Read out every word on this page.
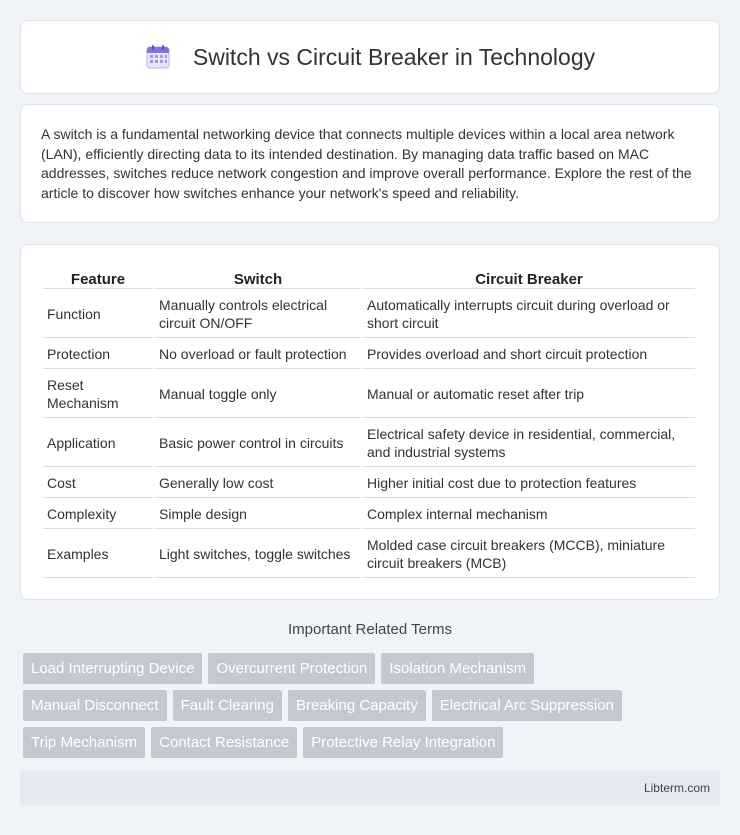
Switch vs Circuit Breaker in Technology

A switch is a fundamental networking device that connects multiple devices within a local area network (LAN), efficiently directing data to its intended destination. By managing data traffic based on MAC addresses, switches reduce network congestion and improve overall performance. Explore the rest of the article to discover how switches enhance your network's speed and reliability.

Feature	Switch	Circuit Breaker
Function	Manually controls electrical circuit ON/OFF	Automatically interrupts circuit during overload or short circuit
Protection	No overload or fault protection	Provides overload and short circuit protection
Reset Mechanism	Manual toggle only	Manual or automatic reset after trip
Application	Basic power control in circuits	Electrical safety device in residential, commercial, and industrial systems
Cost	Generally low cost	Higher initial cost due to protection features
Complexity	Simple design	Complex internal mechanism
Examples	Light switches, toggle switches	Molded case circuit breakers (MCCB), miniature circuit breakers (MCB)
Important Related Terms
Load Interrupting Device Overcurrent Protection Isolation Mechanism
Manual Disconnect Fault Clearing Breaking Capacity Electrical Arc Suppression
Trip Mechanism Contact Resistance Protective Relay Integration
Libterm.com
